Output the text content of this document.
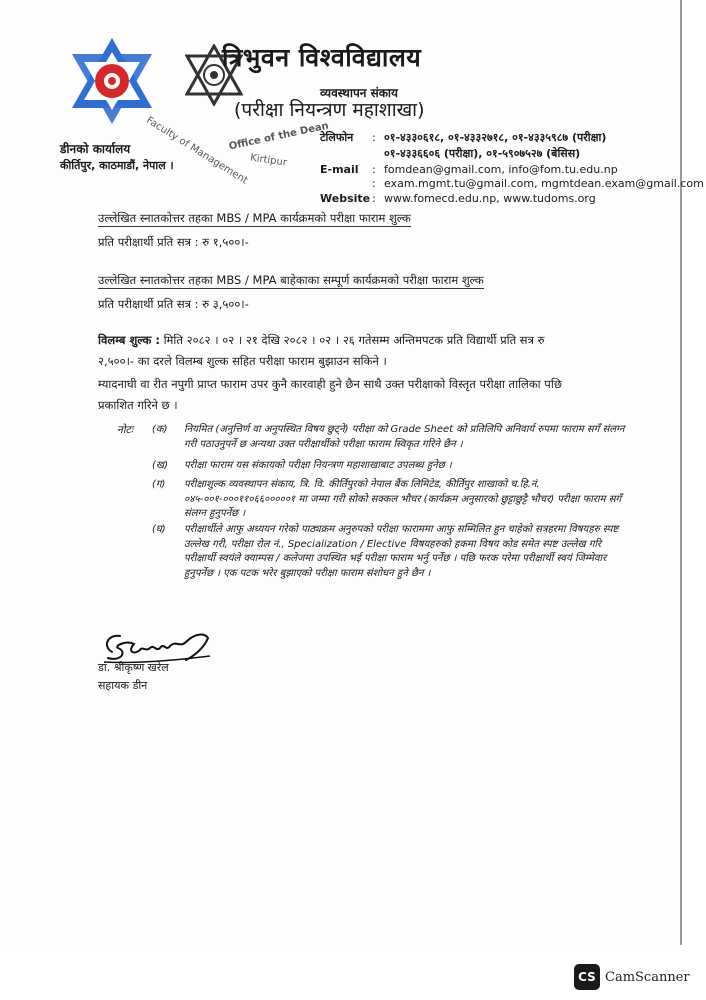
त्रिभुवन विश्वविद्यालय
व्यवस्थापन संकाय
(परीक्षा नियन्त्रण महाशाखा)
Faculty of Management
Office of the Dean
Kirtipur
डीनको कार्यालय
कीर्तिपुर, काठमाडौं, नेपाल ।
टेलिफोन : ०१-४३३०६१८, ०१-४३३२७१८, ०१-४३३५९८७ (परीक्षा)
०१-४३३६६०६ (परीक्षा), ०१-५९०७५२७ (बेसिस)
E-mail : fomdean@gmail.com, info@fom.tu.edu.np
: exam.mgmt.tu@gmail.com, mgmtdean.exam@gmail.com
Website : www.fomecd.edu.np, www.tudoms.org
उल्लेखित स्नातकोत्तर तहका MBS / MPA कार्यक्रमको परीक्षा फाराम शुल्क
प्रति परीक्षार्थी प्रति सत्र : रु १,५००।-
उल्लेखित स्नातकोत्तर तहका MBS / MPA बाहेकाका सम्पूर्ण कार्यक्रमको परीक्षा फाराम शुल्क
प्रति परीक्षार्थी प्रति सत्र : रु ३,५००।-
विलम्ब शुल्क : मिति २०८२ । ०२ । २१ देखि २०८२ । ०२ । २६ गतेसम्म अन्तिमपटक प्रति विद्यार्थी प्रति सत्र रु
२,५००।- का दरले विलम्ब शुल्क सहित परीक्षा फाराम बुझाउन सकिने ।
म्यादनाघी वा रीत नपुगी प्राप्त फाराम उपर कुनै कारवाही हुने छैन साथै उक्त परीक्षाको विस्तृत परीक्षा तालिका पछि
प्रकाशित गरिने छ ।
नोटः (क)	नियमित (अनुत्तिर्ण वा अनुपस्थित विषय छुट्ने) परीक्षा को Grade Sheet को प्रतिलिपि अनिवार्य रुपमा फाराम सगँ संलग्न गरी पठाउनुपर्ने छ अन्यथा उक्त परीक्षार्थीको परीक्षा फाराम स्विकृत गरिने छैन ।
(ख)	परीक्षा फाराम यस संकायको परीक्षा नियन्त्रण महाशाखाबाट उपलब्ध हुनेछ ।
(ग)	परीक्षाशुल्क व्यवस्थापन संकाय, त्रि. वि. कीर्तिपुरको नेपाल बैंक लिमिटेड, कीर्तिपुर शाखाको च.हि.नं. ०४५-००१-०००११०६६०००००१ मा जम्मा गरी सोको सक्कल भौचर (कार्यक्रम अनुसारको छुट्टाछुट्टै भौचर) परीक्षा फाराम सगँ संलग्न हुनुपर्नेछ ।
(घ)	परीक्षार्थीले आफु अध्ययन गरेको पाठ्यक्रम अनुरुपको परीक्षा फाराममा आफु सम्मिलित हुन चाहेको सत्रहरमा विषयहरु स्पष्ट उल्लेख गरी, परीक्षा रोल नं., Specialization / Elective विषयहरुको हकमा विषय कोड समेत स्पष्ट उल्लेख गरि परीक्षार्थी स्वयंले क्याम्पस / कलेजमा उपस्थित भई परीक्षा फाराम भर्नु पर्नेछ । पछि फरक परेमा परीक्षार्थी स्वयं जिम्मेवार हुनुपर्नेछ । एक पटक भरेर बुझाएको परीक्षा फाराम संशोधन हुने छैन ।
डा. श्रीकृष्ण खरेल
सहायक डीन
CS CamScanner
